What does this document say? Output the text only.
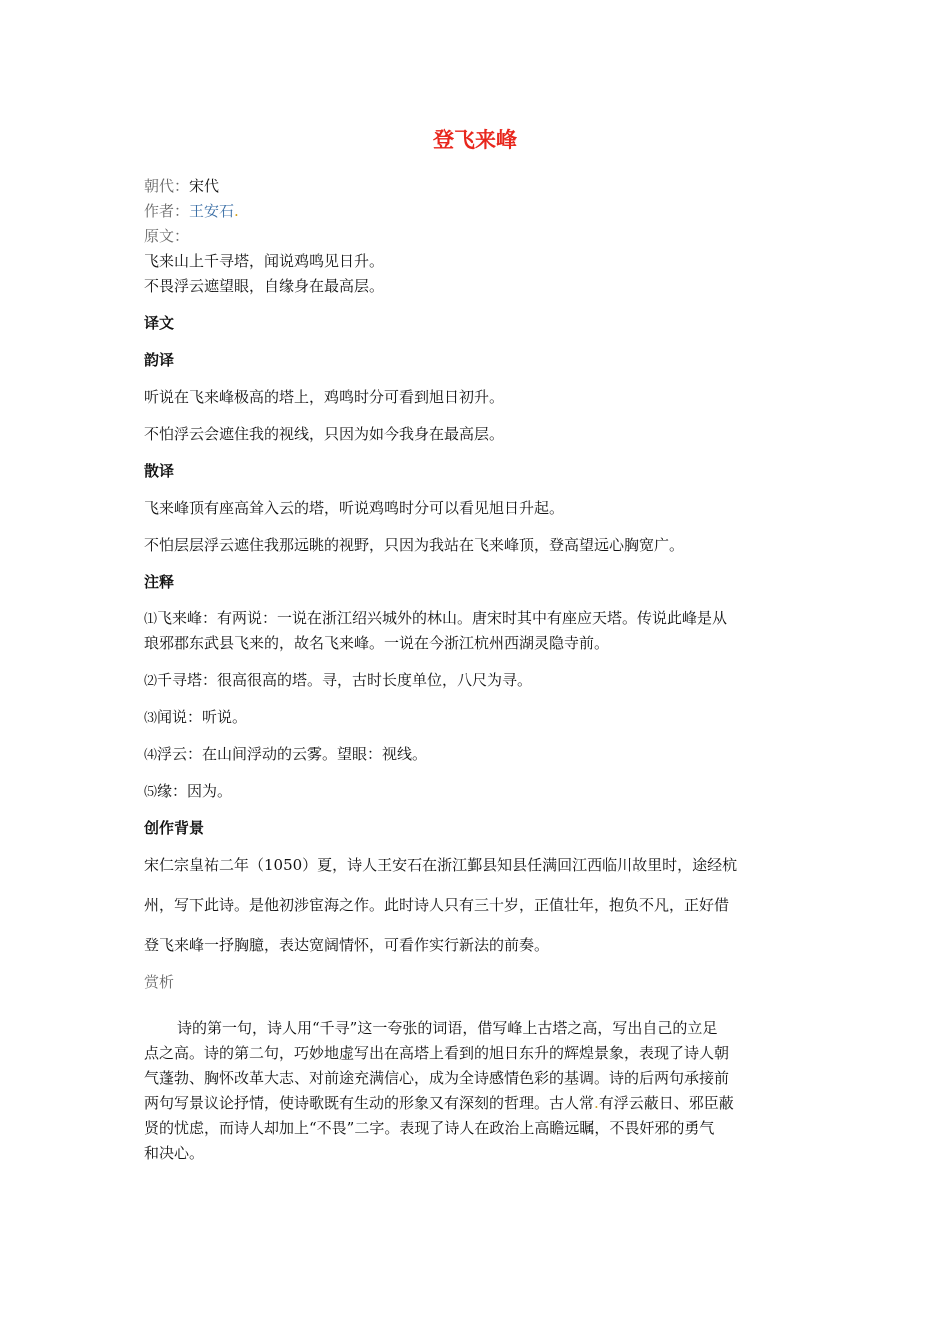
登飞来峰
朝代：宋代
作者：王安石.
原文：
飞来山上千寻塔，闻说鸡鸣见日升。
不畏浮云遮望眼，自缘身在最高层。
译文
韵译
听说在飞来峰极高的塔上，鸡鸣时分可看到旭日初升。
不怕浮云会遮住我的视线，只因为如今我身在最高层。
散译
飞来峰顶有座高耸入云的塔，听说鸡鸣时分可以看见旭日升起。
不怕层层浮云遮住我那远眺的视野，只因为我站在飞来峰顶，登高望远心胸宽广。
注释
⑴飞来峰：有两说：一说在浙江绍兴城外的林山。唐宋时其中有座应天塔。传说此峰是从
琅邪郡东武县飞来的，故名飞来峰。一说在今浙江杭州西湖灵隐寺前。
⑵千寻塔：很高很高的塔。寻，古时长度单位，八尺为寻。
⑶闻说：听说。
⑷浮云：在山间浮动的云雾。望眼：视线。
⑸缘：因为。
创作背景
宋仁宗皇祐二年（1050）夏，诗人王安石在浙江鄞县知县任满回江西临川故里时，途经杭
州，写下此诗。是他初涉宦海之作。此时诗人只有三十岁，正值壮年，抱负不凡，正好借
登飞来峰一抒胸臆，表达宽阔情怀，可看作实行新法的前奏。
赏析
诗的第一句，诗人用“千寻”这一夸张的词语，借写峰上古塔之高，写出自己的立足
点之高。诗的第二句，巧妙地虚写出在高塔上看到的旭日东升的辉煌景象，表现了诗人朝
气蓬勃、胸怀改革大志、对前途充满信心，成为全诗感情色彩的基调。诗的后两句承接前
两句写景议论抒情，使诗歌既有生动的形象又有深刻的哲理。古人常.有浮云蔽日、邪臣蔽
贤的忧虑，而诗人却加上“不畏”二字。表现了诗人在政治上高瞻远瞩，不畏奸邪的勇气
和决心。
